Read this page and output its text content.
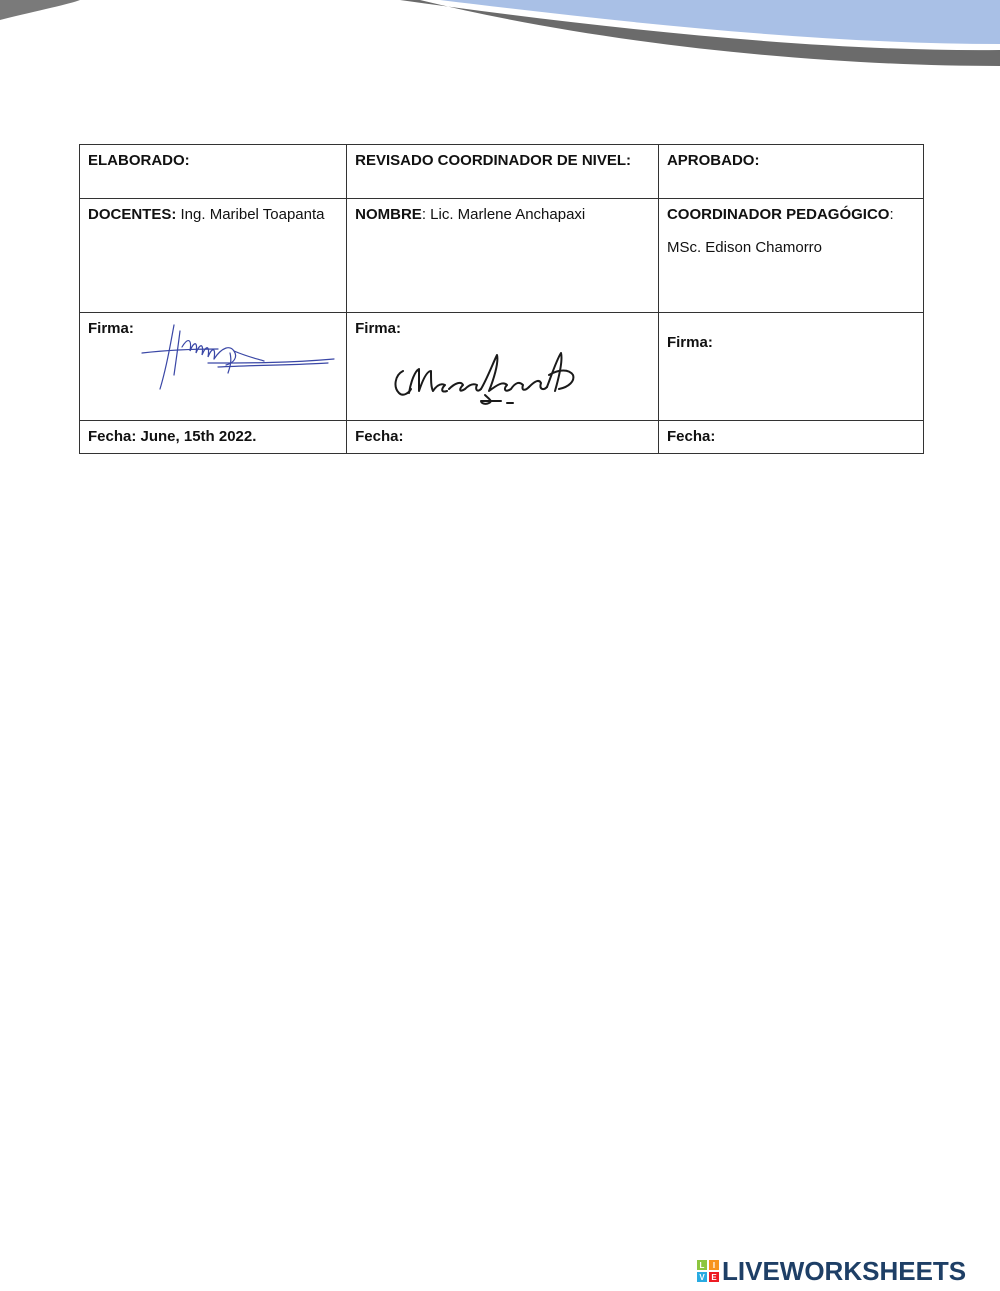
ELABORADO:	REVISADO COORDINADOR DE NIVEL:	APROBADO:
DOCENTES: Ing. Maribel Toapanta	NOMBRE: Lic. Marlene Anchapaxi	COORDINADOR PEDAGÓGICO:
MSc. Edison Chamorro

Firma:	Firma:	Firma:

Fecha: June, 15th 2022.	Fecha:	Fecha:
L I
V E LIVEWORKSHEETS
